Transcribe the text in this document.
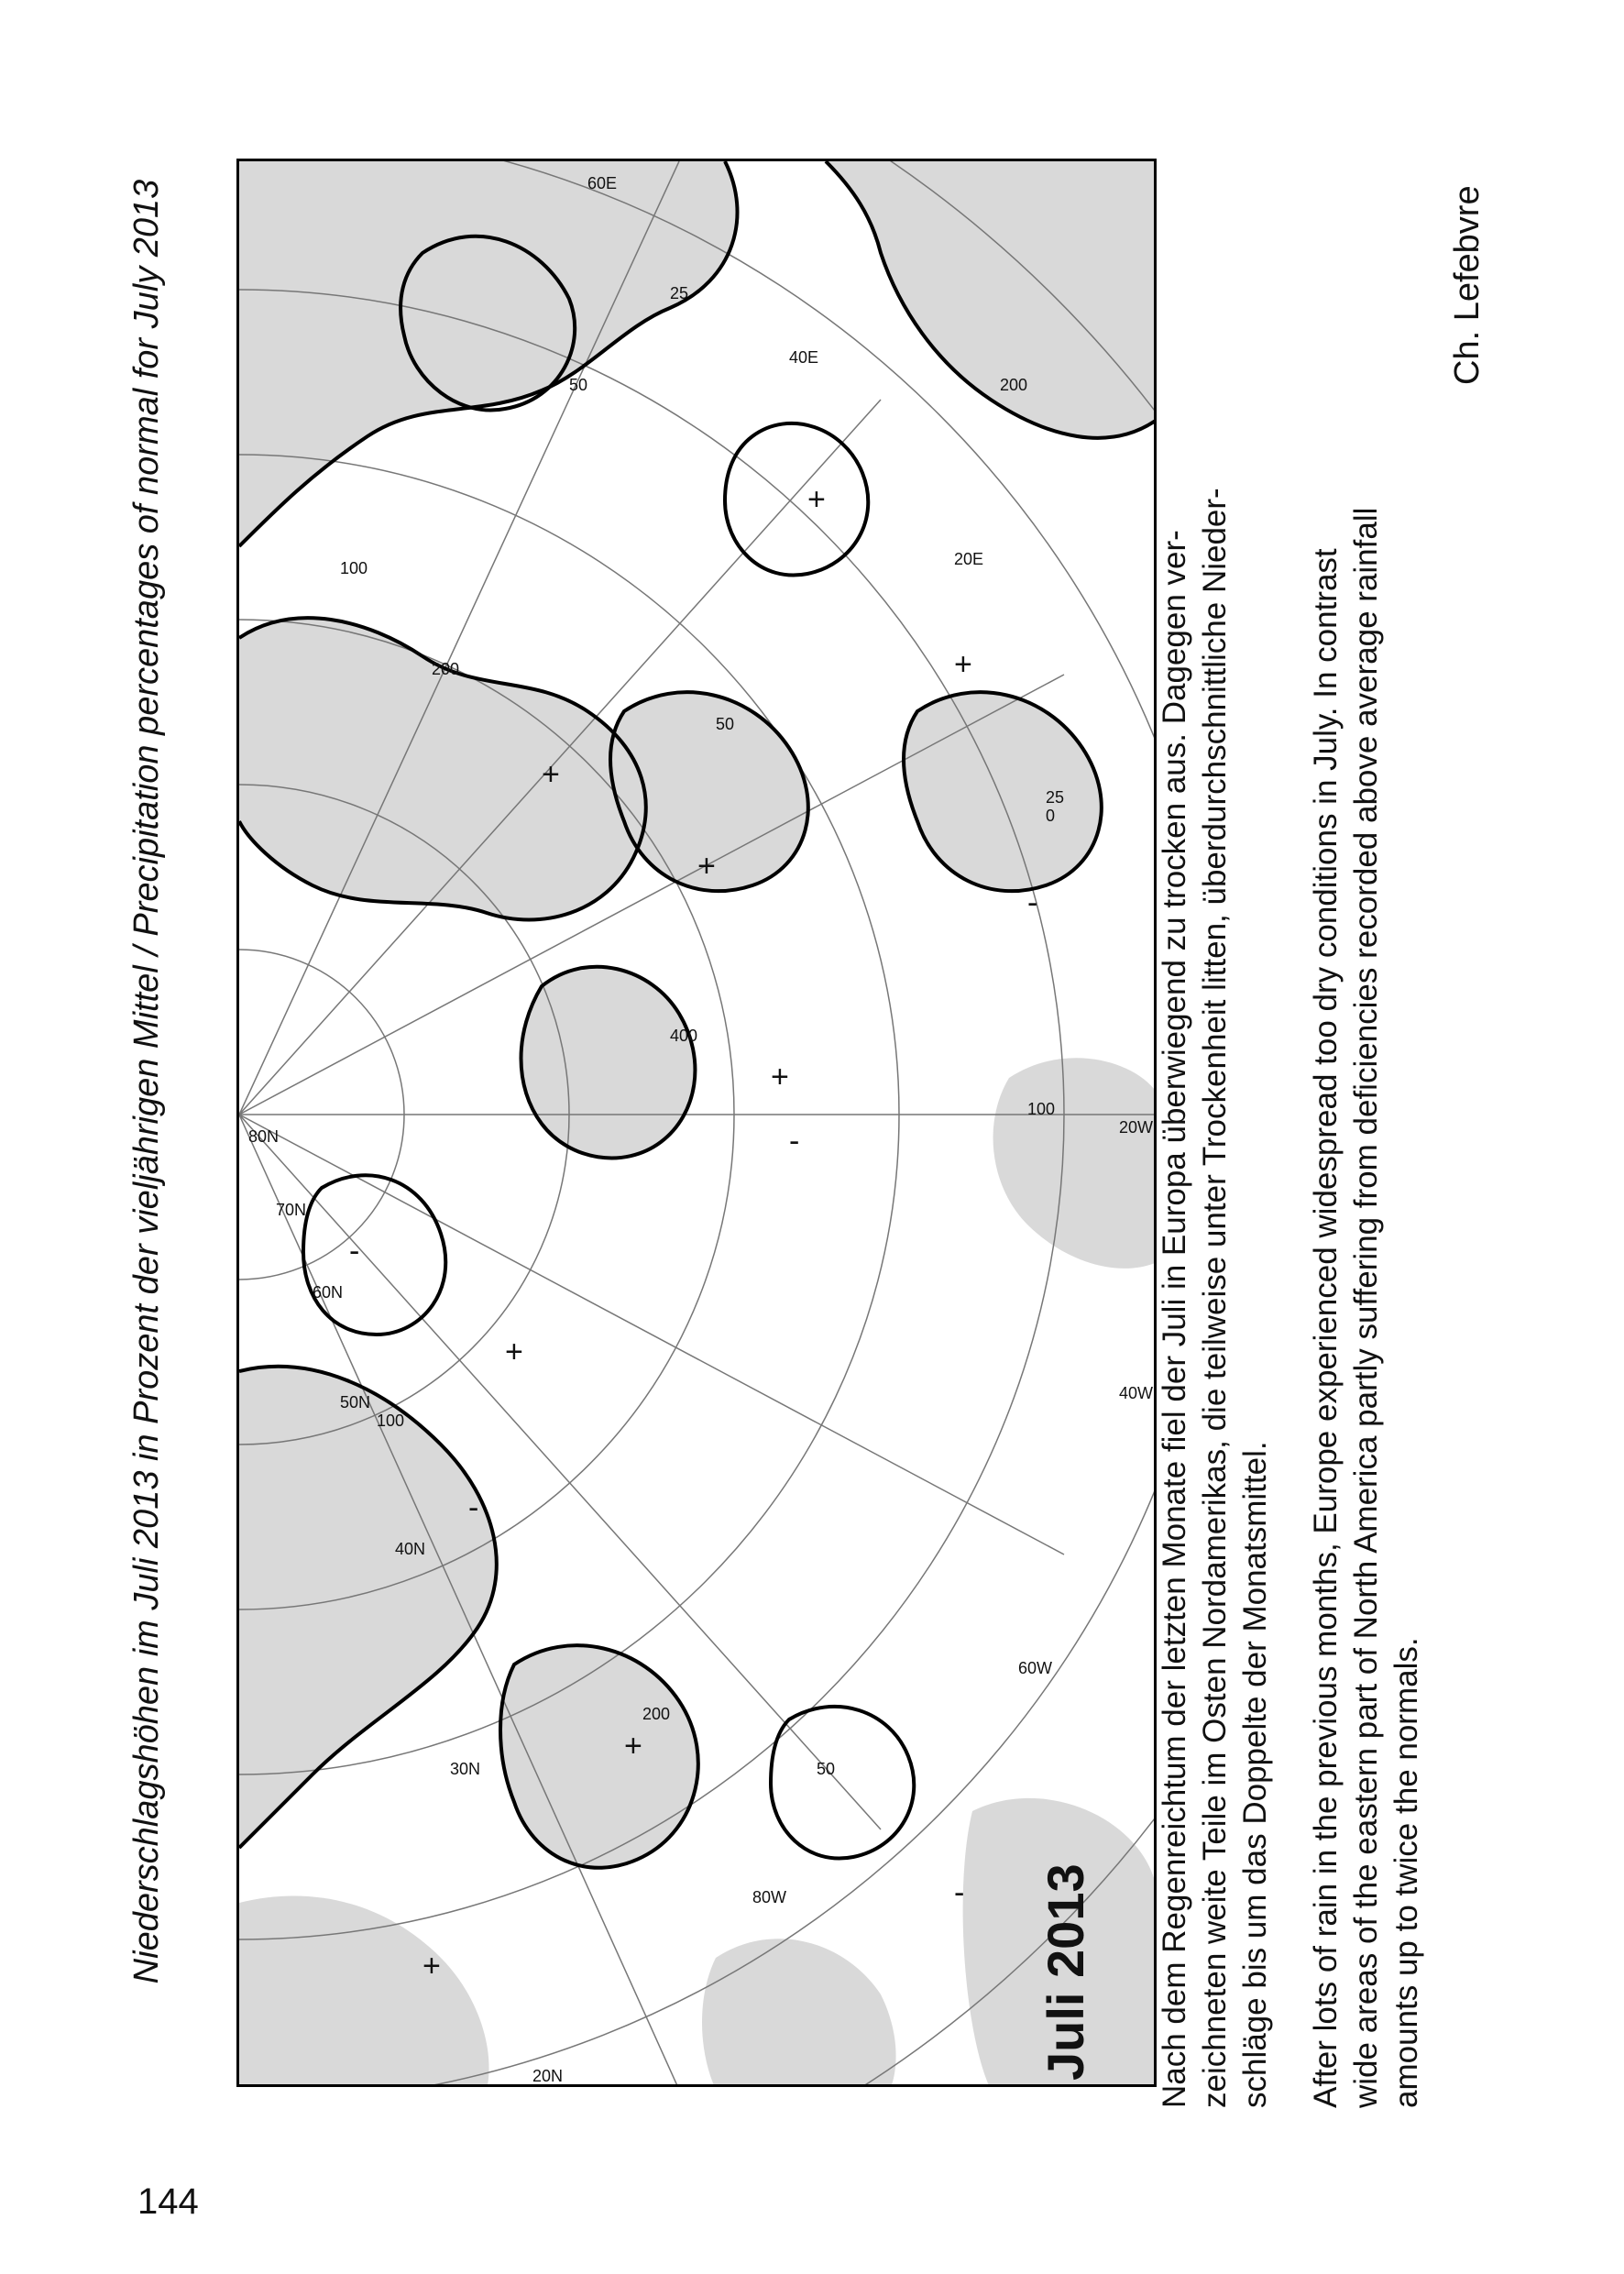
Niederschlagshöhen im Juli 2013 in Prozent der vieljährigen Mittel / Precipitation percentages of normal for July 2013	100
50
25
200
200
400
50
100
100
200
50
25
20N
30N
40N
50N
60N
70N
80N
80W
60W
40W
20W
0
20E
40E
60E
+
+
+
+
+
-
-
-
-
+
+
-
+
Juli 2013 Nach dem Regenreichtum der letzten Monate fiel der Juli in Europa überwiegend zu trocken aus. Dagegen ver-
zeichneten weite Teile im Osten Nordamerikas, die teilweise unter Trockenheit litten, überdurchschnittliche Nieder-
schläge bis um das Doppelte der Monatsmittel.
After lots of rain in the previous months, Europe experienced widespread too dry conditions in July. In contrast
wide areas of the eastern part of North America partly suffering from deficiencies recorded above average rainfall
amounts up to twice the normals.
Ch. Lefebvre
144
